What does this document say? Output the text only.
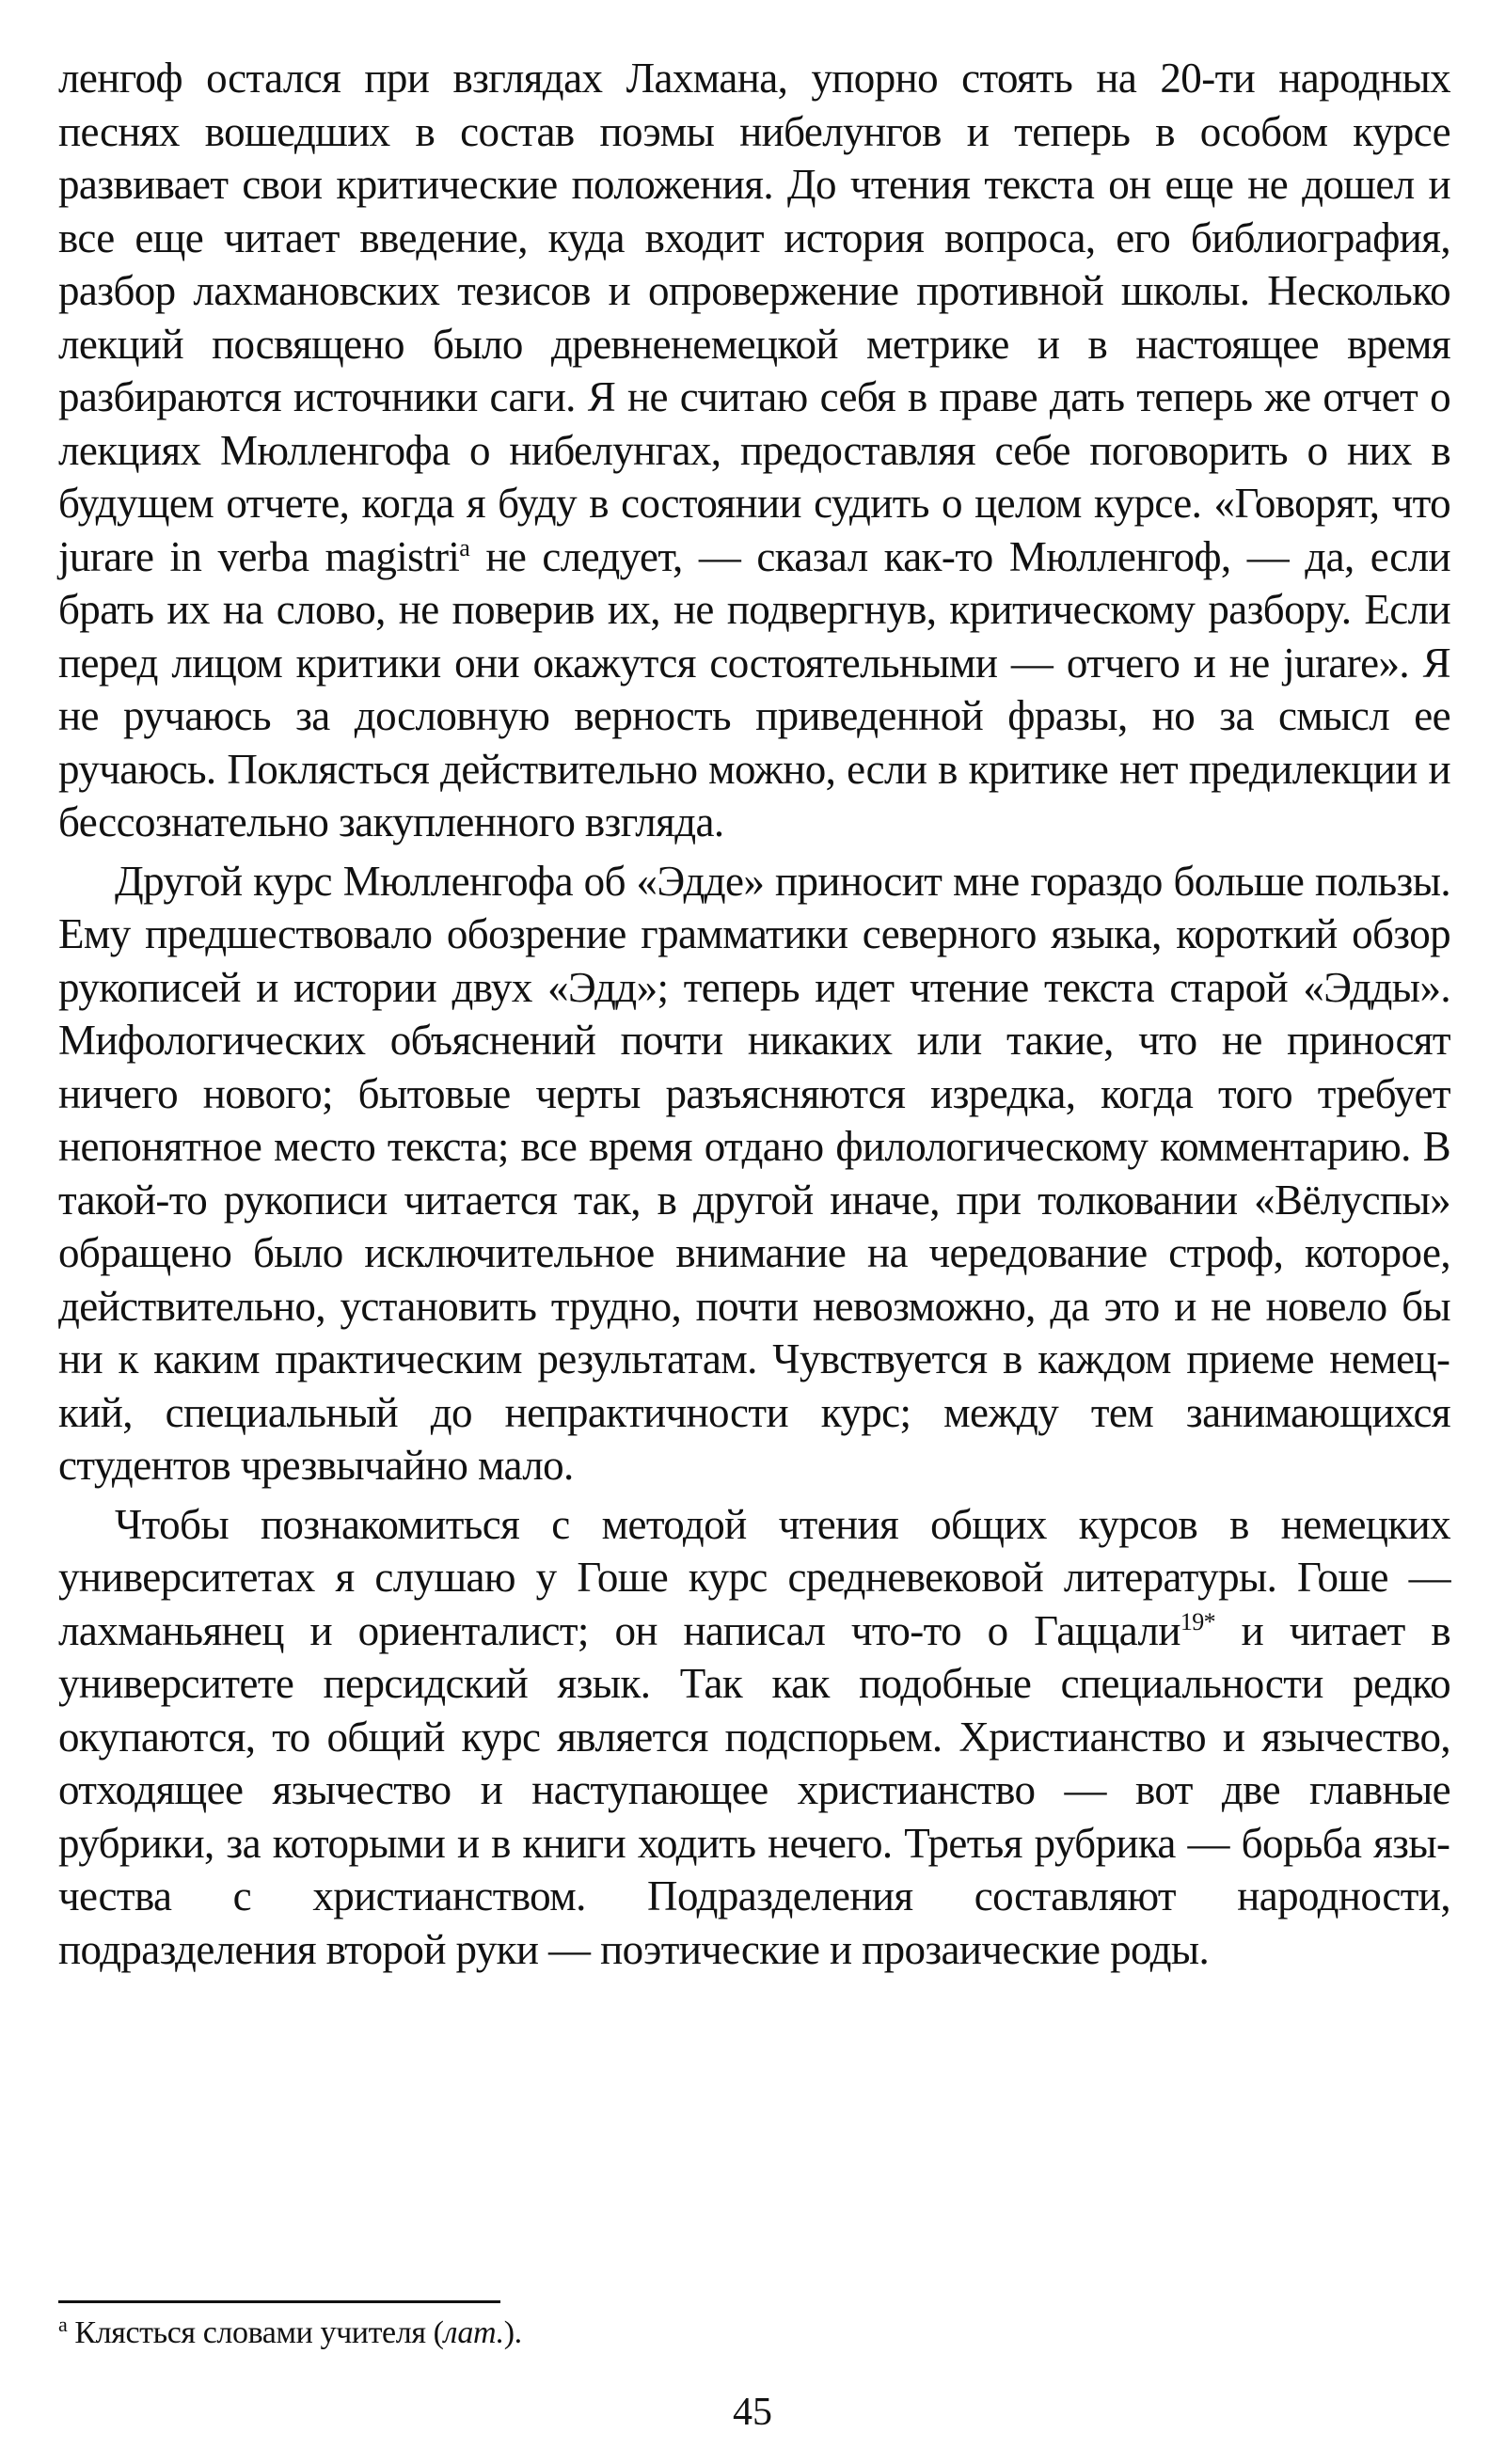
ленгоф остался при взглядах Лахмана, упорно стоять на 20-ти народных песнях вошедших в состав поэмы нибелунгов и теперь в особом курсе развивает свои критические положения. До чтения текста он еще не дошел и все еще читает введение, куда входит история вопроса, его библиография, разбор лахмановских тезисов и опровержение противной школы. Несколько лекций посвящено было древненемецкой метрике и в настоящее время разбираются источники саги. Я не считаю себя в праве дать теперь же отчет о лекциях Мюлленгофа о нибелунгах, предоставляя себе поговорить о них в будущем отчете, когда я буду в состоянии судить о целом курсе. «Говорят, что jurare in verba magistri$^а$ не следует, — сказал как-то Мюлленгоф, — да, если брать их на слово, не поверив их, не подвергнув, критическому разбору. Если перед лицом критики они окажутся состоятельными — отчего и не jurare». Я не ручаюсь за дословную верность приведенной фразы, но за смысл ее ручаюсь. Поклясться действительно можно, если в критике нет предилекции и бессознательно закупленного взгляда.

Другой курс Мюлленгофа об «Эдде» приносит мне гораздо больше пользы. Ему предшествовало обозрение грамматики северного языка, короткий обзор рукописей и истории двух «Эдд»; теперь идет чтение текста старой «Эдды». Мифологических объяснений почти никаких или такие, что не приносят ничего нового; бытовые черты разъясняются изредка, когда того требует непонятное место текста; все время отдано филологическому комментарию. В такой-то рукописи читается так, в другой иначе, при толковании «Вёлуспы» обращено было исключительное внимание на чередование строф, которое, действительно, установить трудно, почти невозможно, да это и не новело бы ни к каким практическим результатам. Чувствуется в каждом приеме немецкий, специальный до непрактичности курс; между тем занимающихся студентов чрезвычайно мало.

Чтобы познакомиться с методой чтения общих курсов в немецких университетах я слушаю у Гоше курс средневековой литературы. Гоше — лахманьянец и ориенталист; он написал что-то о Гаццали$^{19*}$ и читает в университете персидский язык. Так как подобные специальности редко окупаются, то общий курс является подспорьем. Христианство и язычество, отходящее язычество и наступающее христианство — вот две главные рубрики, за которыми и в книги ходить нечего. Третья рубрика — борьба язычества с христианством. Подразделения составляют народности, подразделения второй руки — поэтические и прозаические роды.

$^а$ Клясться словами учителя (лат.).
45
